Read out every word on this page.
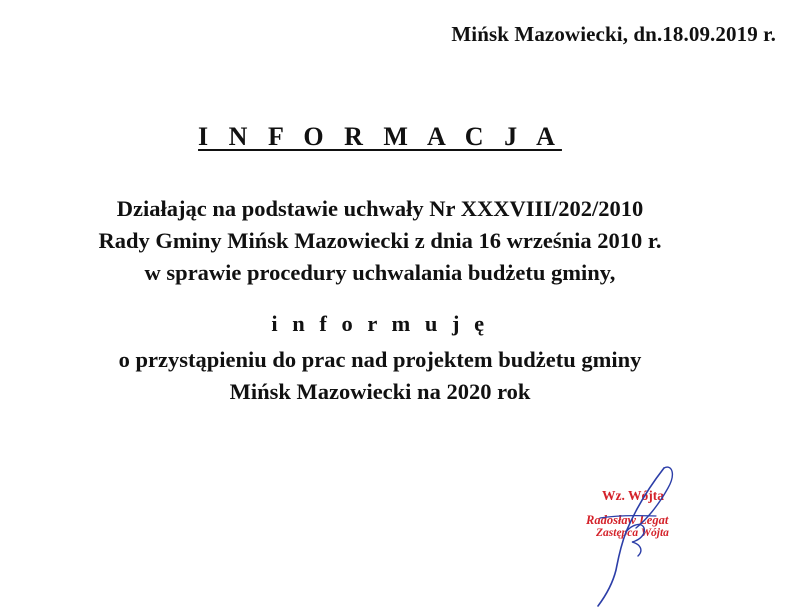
Mińsk Mazowiecki, dn.18.09.2019 r.
I N F O R M A C J A
Działając na podstawie uchwały Nr XXXVIII/202/2010
Rady Gminy Mińsk Mazowiecki z dnia 16 września 2010 r.
w sprawie procedury uchwalania budżetu gminy,
i n f o r m u j ę
o przystąpieniu do prac nad projektem budżetu gminy
Mińsk Mazowiecki na 2020 rok
Wz. Wójta
Radosław Legat
Zastępca Wójta
